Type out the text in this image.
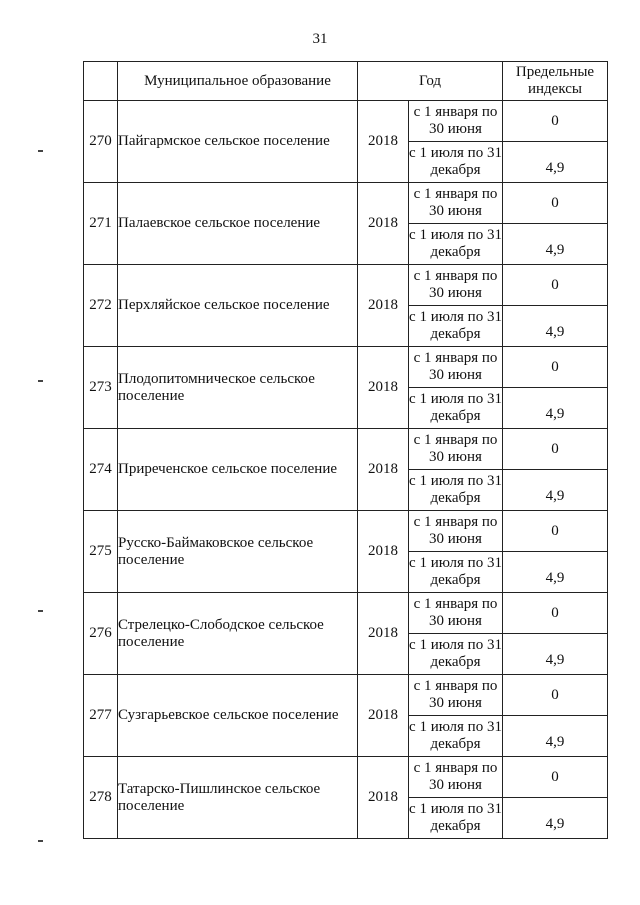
31
	Муниципальное образование	Год		Предельные индексы
270	Пайгармское сельское поселение	2018	с 1 января по 30 июня	0
			с 1 июля по 31 декабря	4,9
271	Палаевское сельское поселение	2018	с 1 января по 30 июня	0
			с 1 июля по 31 декабря	4,9
272	Перхляйское сельское поселение	2018	с 1 января по 30 июня	0
			с 1 июля по 31 декабря	4,9
273	Плодопитомническое сельское поселение	2018	с 1 января по 30 июня	0
			с 1 июля по 31 декабря	4,9
274	Приреченское сельское поселение	2018	с 1 января по 30 июня	0
			с 1 июля по 31 декабря	4,9
275	Русско-Баймаковское сельское поселение	2018	с 1 января по 30 июня	0
			с 1 июля по 31 декабря	4,9
276	Стрелецко-Слободское сельское поселение	2018	с 1 января по 30 июня	0
			с 1 июля по 31 декабря	4,9
277	Сузгарьевское сельское поселение	2018	с 1 января по 30 июня	0
			с 1 июля по 31 декабря	4,9
278	Татарско-Пишлинское сельское поселение	2018	с 1 января по 30 июня	0
			с 1 июля по 31 декабря	4,9
